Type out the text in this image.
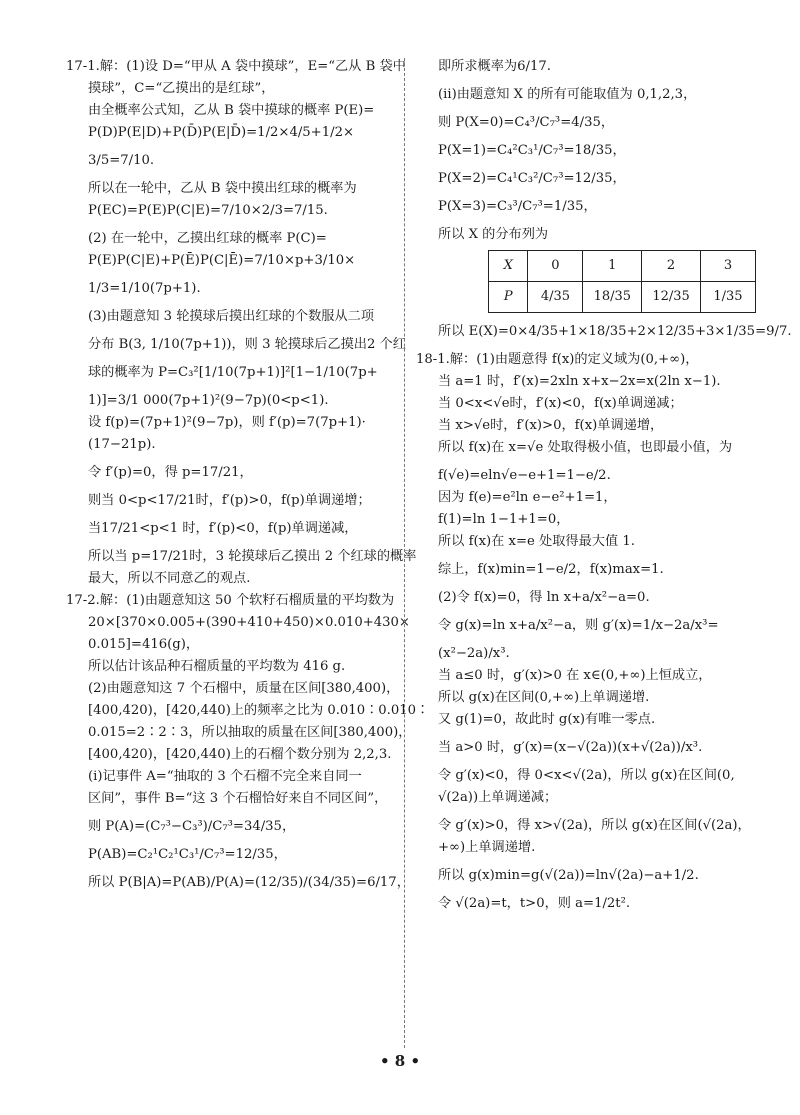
17-1.解：(1)设 D=“甲从 A 袋中摸球”，E=“乙从 B 袋中
摸球”，C=“乙摸出的是红球”，
由全概率公式知，乙从 B 袋中摸球的概率 P(E)=
P(D)P(E|D)+P(D̄)P(E|D̄)=1/2×4/5+1/2×
3/5=7/10.
所以在一轮中，乙从 B 袋中摸出红球的概率为
P(EC)=P(E)P(C|E)=7/10×2/3=7/15.
(2) 在一轮中，乙摸出红球的概率 P(C)=
P(E)P(C|E)+P(Ē)P(C|Ē)=7/10×p+3/10×
1/3=1/10(7p+1).
(3)由题意知 3 轮摸球后摸出红球的个数服从二项
分布 B(3, 1/10(7p+1))，则 3 轮摸球后乙摸出2 个红
球的概率为 P=C₃²[1/10(7p+1)]²[1−1/10(7p+
1)]=3/1 000(7p+1)²(9−7p)(0<p<1).
设 f(p)=(7p+1)²(9−7p)，则 f′(p)=7(7p+1)·
(17−21p).
令 f′(p)=0，得 p=17/21，
则当 0<p<17/21时，f′(p)>0，f(p)单调递增；
当17/21<p<1 时，f′(p)<0，f(p)单调递减，
所以当 p=17/21时，3 轮摸球后乙摸出 2 个红球的概率
最大，所以不同意乙的观点.
17-2.解：(1)由题意知这 50 个软籽石榴质量的平均数为
20×[370×0.005+(390+410+450)×0.010+430×
0.015]=416(g)，
所以估计该品种石榴质量的平均数为 416 g.
(2)由题意知这 7 个石榴中，质量在区间[380,400)，
[400,420)，[420,440)上的频率之比为 0.010∶0.010∶
0.015=2∶2∶3，所以抽取的质量在区间[380,400)，
[400,420)，[420,440)上的石榴个数分别为 2,2,3.
(ⅰ)记事件 A=“抽取的 3 个石榴不完全来自同一
区间”，事件 B=“这 3 个石榴恰好来自不同区间”，
则 P(A)=(C₇³−C₃³)/C₇³=34/35，
P(AB)=C₂¹C₂¹C₃¹/C₇³=12/35，
所以 P(B|A)=P(AB)/P(A)=(12/35)/(34/35)=6/17，
即所求概率为6/17.
(ⅱ)由题意知 X 的所有可能取值为 0,1,2,3，
则 P(X=0)=C₄³/C₇³=4/35，
P(X=1)=C₄²C₃¹/C₇³=18/35，
P(X=2)=C₄¹C₃²/C₇³=12/35，
P(X=3)=C₃³/C₇³=1/35，
所以 X 的分布列为
X	0	1	2	3
P	4/35	18/35	12/35	1/35
所以 E(X)=0×4/35+1×18/35+2×12/35+3×1/35=9/7.
18-1.解：(1)由题意得 f(x)的定义域为(0,+∞)，
当 a=1 时，f′(x)=2xln x+x−2x=x(2ln x−1).
当 0<x<√e时，f′(x)<0，f(x)单调递减；
当 x>√e时，f′(x)>0，f(x)单调递增，
所以 f(x)在 x=√e 处取得极小值，也即最小值，为
f(√e)=eln√e−e+1=1−e/2.
因为 f(e)=e²ln e−e²+1=1，
f(1)=ln 1−1+1=0，
所以 f(x)在 x=e 处取得最大值 1.
综上，f(x)min=1−e/2，f(x)max=1.
(2)令 f(x)=0，得 ln x+a/x²−a=0.
令 g(x)=ln x+a/x²−a，则 g′(x)=1/x−2a/x³=
(x²−2a)/x³.
当 a≤0 时，g′(x)>0 在 x∈(0,+∞)上恒成立，
所以 g(x)在区间(0,+∞)上单调递增.
又 g(1)=0，故此时 g(x)有唯一零点.
当 a>0 时，g′(x)=(x−√(2a))(x+√(2a))/x³.
令 g′(x)<0，得 0<x<√(2a)，所以 g(x)在区间(0,
√(2a))上单调递减；
令 g′(x)>0，得 x>√(2a)，所以 g(x)在区间(√(2a)，
+∞)上单调递增.
所以 g(x)min=g(√(2a))=ln√(2a)−a+1/2.
令 √(2a)=t，t>0，则 a=1/2t².
• 8 •
